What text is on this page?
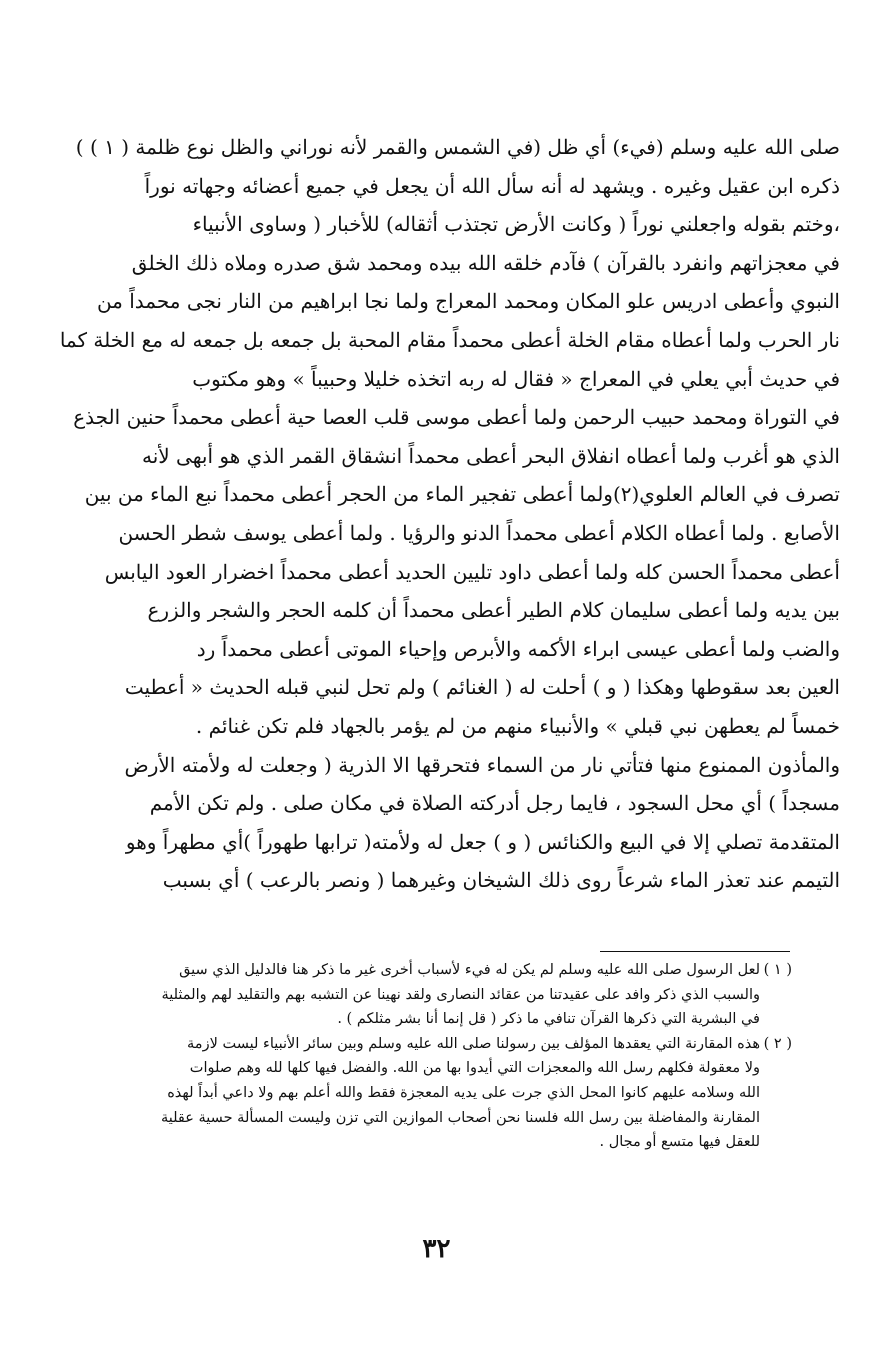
صلى الله عليه وسلم (فيء) أي ظل (في الشمس والقمر لأنه نوراني والظل نوع ظلمة ( ١ ) )
ذكره ابن عقيل وغيره . ويشهد له أنه سأل الله أن يجعل في جميع أعضائه وجهاته نوراً
،وختم بقوله واجعلني نوراً ( وكانت الأرض تجتذب أثقاله) للأخبار ( وساوى الأنبياء
في معجزاتهم وانفرد بالقرآن ) فآدم خلقه الله بيده ومحمد شق صدره وملاه ذلك الخلق
النبوي وأعطى ادريس علو المكان ومحمد المعراج ولما نجا ابراهيم من النار نجى محمداً من
نار الحرب ولما أعطاه مقام الخلة أعطى محمداً مقام المحبة بل جمعه بل جمعه له مع الخلة كما
في حديث أبي يعلي في المعراج « فقال له ربه اتخذه خليلا وحبيباً » وهو مكتوب
في التوراة ومحمد حبيب الرحمن ولما أعطى موسى قلب العصا حية أعطى محمداً حنين الجذع
الذي هو أغرب ولما أعطاه انفلاق البحر أعطى محمداً انشقاق القمر الذي هو أبهى لأنه
تصرف في العالم العلوي(٢)ولما أعطى تفجير الماء من الحجر أعطى محمداً نبع الماء من بين
الأصابع . ولما أعطاه الكلام أعطى محمداً الدنو والرؤيا . ولما أعطى يوسف شطر الحسن
أعطى محمداً الحسن كله ولما أعطى داود تليين الحديد أعطى محمداً اخضرار العود اليابس
بين يديه ولما أعطى سليمان كلام الطير أعطى محمداً أن كلمه الحجر والشجر والزرع
والضب ولما أعطى عيسى ابراء الأكمه والأبرص وإحياء الموتى أعطى محمداً رد
العين بعد سقوطها وهكذا ( و ) أحلت له ( الغنائم ) ولم تحل لنبي قبله الحديث « أعطيت
خمساً لم يعطهن نبي قبلي » والأنبياء منهم من لم يؤمر بالجهاد فلم تكن غنائم .
والمأذون الممنوع منها فتأتي نار من السماء فتحرقها الا الذرية ( وجعلت له ولأمته الأرض
مسجداً ) أي محل السجود ، فايما رجل أدركته الصلاة في مكان صلى . ولم تكن الأمم
المتقدمة تصلي إلا في البيع والكنائس ( و ) جعل له ولأمته( ترابها طهوراً )أي مطهراً وهو
التيمم عند تعذر الماء شرعاً روى ذلك الشيخان وغيرهما ( ونصر بالرعب ) أي بسبب
( ١ )لعل الرسول صلى الله عليه وسلم لم يكن له فيء لأسباب أخرى غير ما ذكر هنا فالدليل الذي سيق
والسبب الذي ذكر وافد على عقيدتنا من عقائد النصارى ولقد نهينا عن التشبه بهم والتقليد لهم والمثلية
في البشرية التي ذكرها القرآن تنافي ما ذكر ( قل إنما أنا بشر مثلكم ) .
( ٢ )هذه المقارنة التي يعقدها المؤلف بين رسولنا صلى الله عليه وسلم وبين سائر الأنبياء ليست لازمة
ولا معقولة فكلهم رسل الله والمعجزات التي أيدوا بها من الله. والفضل فيها كلها لله وهم صلوات
الله وسلامه عليهم كانوا المحل الذي جرت على يديه المعجزة فقط والله أعلم بهم ولا داعي أبداً لهذه
المقارنة والمفاضلة بين رسل الله فلسنا نحن أصحاب الموازين التي تزن وليست المسألة حسية عقلية
للعقل فيها متسع أو مجال .
٣٢
